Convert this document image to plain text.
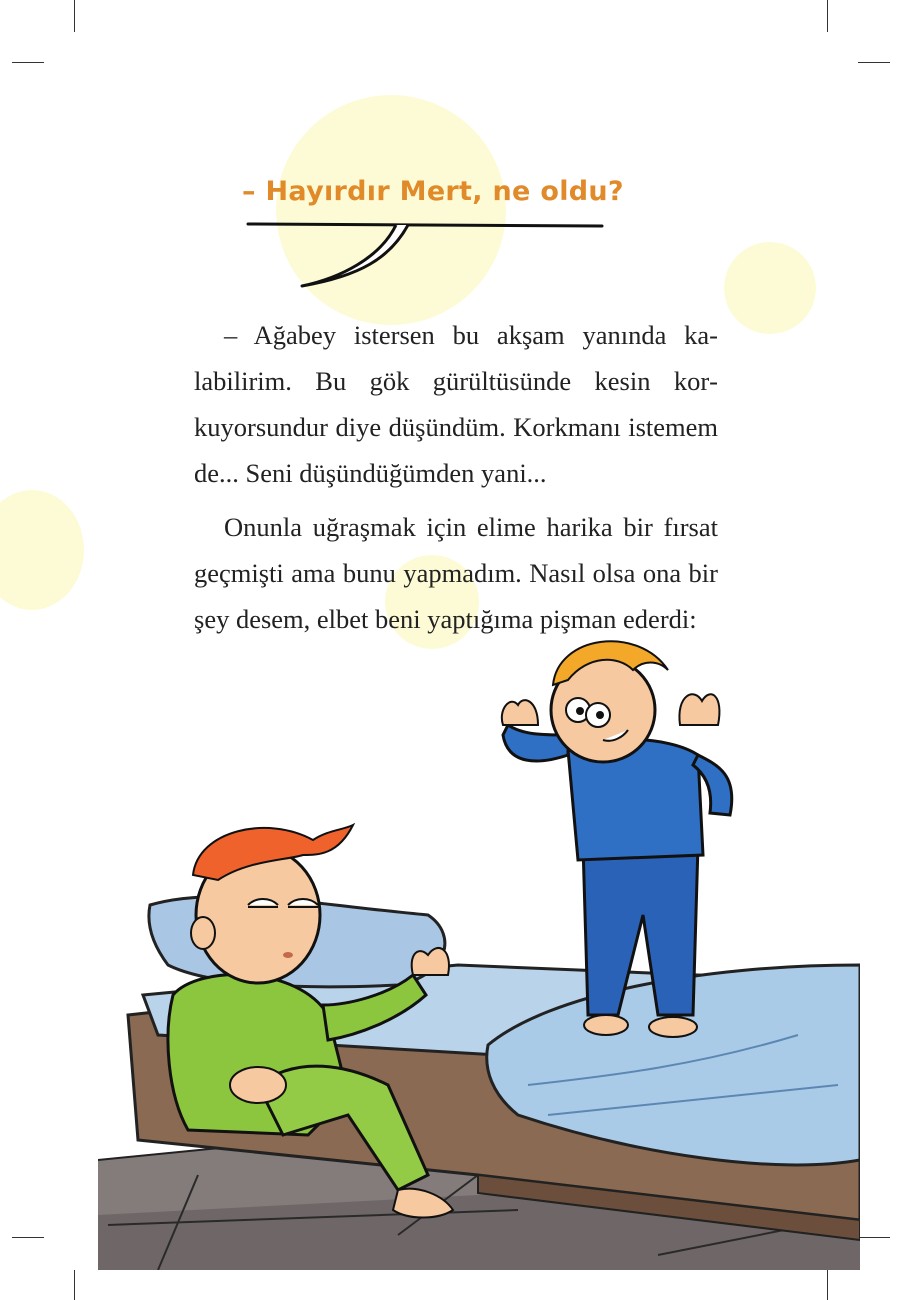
– Hayırdır Mert, ne oldu?

– Ağabey istersen bu akşam yanında kalabilirim. Bu gök gürültüsünde kesin korkuyorsundur diye düşündüm. Korkmanı istemem de... Seni düşündüğümden yani...

Onunla uğraşmak için elime harika bir fırsat geçmişti ama bunu yapmadım. Nasıl olsa ona bir şey desem, elbet beni yaptığıma pişman ederdi:
